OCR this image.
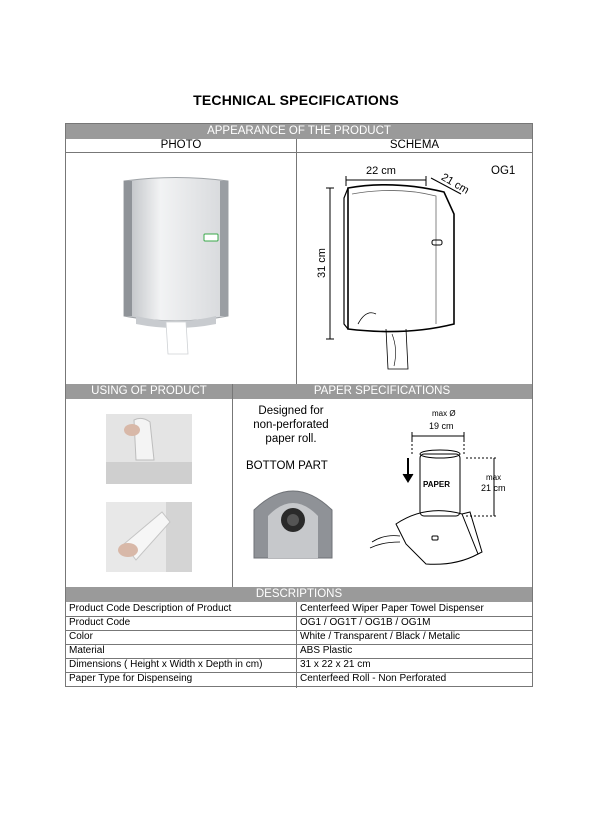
TECHNICAL SPECIFICATIONS
APPEARANCE OF THE PRODUCT
PHOTO	SCHEMA
OG1
22 cm
21 cm
31 cm
USING OF PRODUCT	PAPER SPECIFICATIONS
Designed for
non-perforated
paper roll.
BOTTOM PART
max Ø
19 cm
max
21 cm
PAPER
DESCRIPTIONS
Product Code Description of Product	Centerfeed Wiper Paper Towel Dispenser
Product Code	OG1 / OG1T / OG1B / OG1M
Color	White / Transparent / Black / Metalic
Material	ABS Plastic
Dimensions ( Height x Width x Depth in cm)	31 x 22 x 21 cm
Paper Type for Dispenseing	Centerfeed Roll - Non Perforated
